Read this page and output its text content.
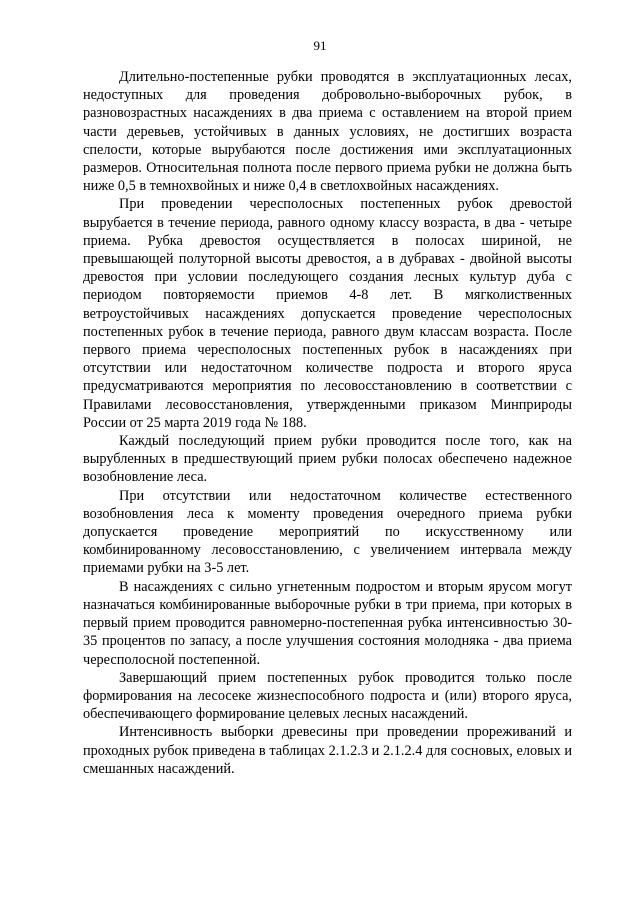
91

Длительно-постепенные рубки проводятся в эксплуатационных лесах, недоступных для проведения добровольно-выборочных рубок, в разновозрастных насаждениях в два приема с оставлением на второй прием части деревьев, устойчивых в данных условиях, не достигших возраста спелости, которые вырубаются после достижения ими эксплуатационных размеров. Относительная полнота после первого приема рубки не должна быть ниже 0,5 в темнохвойных и ниже 0,4 в светлохвойных насаждениях.

При проведении чересполосных постепенных рубок древостой вырубается в течение периода, равного одному классу возраста, в два - четыре приема. Рубка древостоя осуществляется в полосах шириной, не превышающей полуторной высоты древостоя, а в дубравах - двойной высоты древостоя при условии последующего создания лесных культур дуба с периодом повторяемости приемов 4-8 лет. В мягколиственных ветроустойчивых насаждениях допускается проведение чересполосных постепенных рубок в течение периода, равного двум классам возраста. После первого приема чересполосных постепенных рубок в насаждениях при отсутствии или недостаточном количестве подроста и второго яруса предусматриваются мероприятия по лесовосстановлению в соответствии с Правилами лесовосстановления, утвержденными приказом Минприроды России от 25 марта 2019 года № 188.

Каждый последующий прием рубки проводится после того, как на вырубленных в предшествующий прием рубки полосах обеспечено надежное возобновление леса.

При отсутствии или недостаточном количестве естественного возобновления леса к моменту проведения очередного приема рубки допускается проведение мероприятий по искусственному или комбинированному лесовосстановлению, с увеличением интервала между приемами рубки на 3-5 лет.

В насаждениях с сильно угнетенным подростом и вторым ярусом могут назначаться комбинированные выборочные рубки в три приема, при которых в первый прием проводится равномерно-постепенная рубка интенсивностью 30-35 процентов по запасу, а после улучшения состояния молодняка - два приема чересполосной постепенной.

Завершающий прием постепенных рубок проводится только после формирования на лесосеке жизнеспособного подроста и (или) второго яруса, обеспечивающего формирование целевых лесных насаждений.

Интенсивность выборки древесины при проведении прореживаний и проходных рубок приведена в таблицах 2.1.2.3 и 2.1.2.4 для сосновых, еловых и смешанных насаждений.
